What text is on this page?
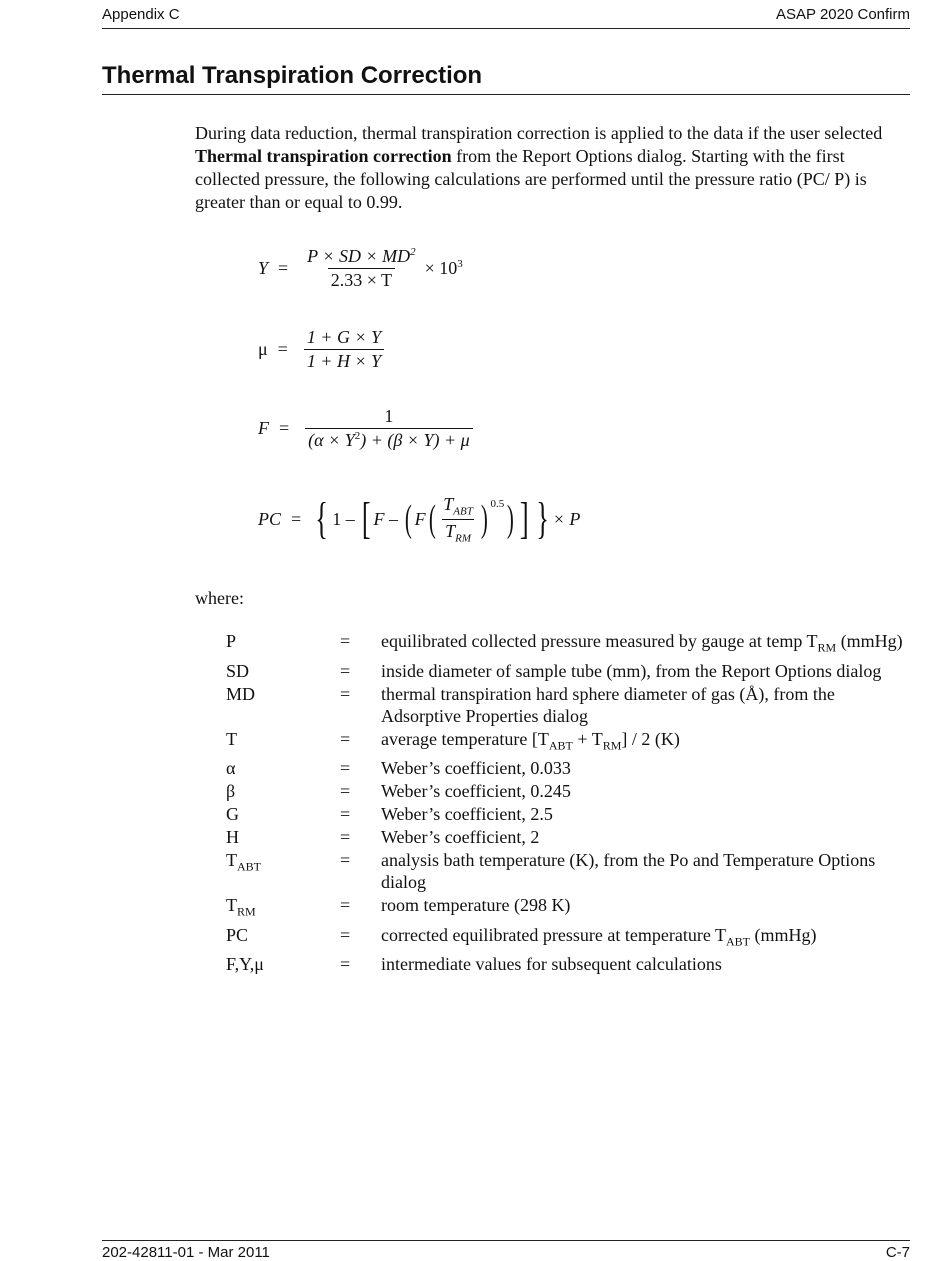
Appendix C	ASAP 2020 Confirm
Thermal Transpiration Correction
During data reduction, thermal transpiration correction is applied to the data if the user selected Thermal transpiration correction from the Report Options dialog. Starting with the first collected pressure, the following calculations are performed until the pressure ratio (PC/ P) is greater than or equal to 0.99.
$Y = \frac{P \times SD \times MD^2}{2.33 \times T} \times 10^3$
$\mu = \frac{1 + G \times Y}{1 + H \times Y}$
$F = \frac{1}{(\alpha \times Y^2) + (\beta \times Y) + \mu}$
PC = { 1 – [ F – ( F ( $\frac{T_{ABT}}{T_{RM}}$ ) $^{0.5}$ ) ] } × P
where:
P	=	equilibrated collected pressure measured by gauge at temp $T_{RM}$ (mmHg)
SD	=	inside diameter of sample tube (mm), from the Report Options dialog
MD	=	thermal transpiration hard sphere diameter of gas (Å), from the Adsorptive Properties dialog
T	=	average temperature $[T_{ABT} + T_{RM}] / 2$ (K)
α	=	Weber’s coefficient, 0.033
β	=	Weber’s coefficient, 0.245
G	=	Weber’s coefficient, 2.5
H	=	Weber’s coefficient, 2
$T_{ABT}$	=	analysis bath temperature (K), from the Po and Temperature Options dialog
$T_{RM}$	=	room temperature (298 K)
PC	=	corrected equilibrated pressure at temperature $T_{ABT}$ (mmHg)
F,Y,μ	=	intermediate values for subsequent calculations
202-42811-01 - Mar 2011	C-7
